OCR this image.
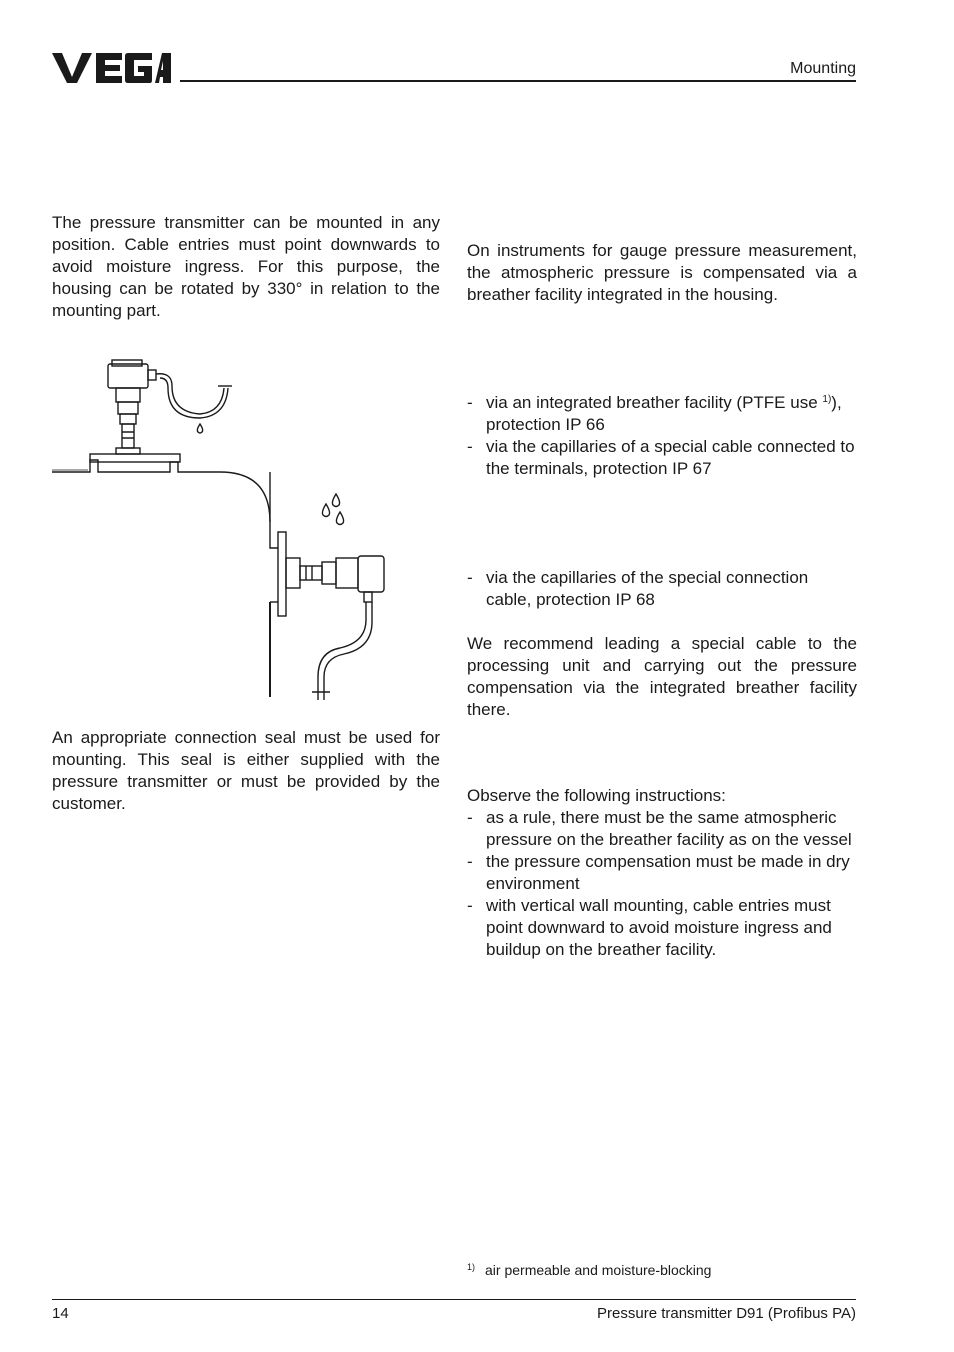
Mounting

The pressure transmitter can be mounted in any position. Cable entries must point downwards to avoid moisture ingress. For this purpose, the housing can be rotated by 330° in relation to the mounting part.

An appropriate connection seal must be used for mounting. This seal is either supplied with the pressure transmitter or must be provided by the customer.

On instruments for gauge pressure measurement, the atmospheric pressure is compensated via a breather facility integrated in the housing.

- via an integrated breather facility (PTFE use $^{1)}$), protection IP 66
- via the capillaries of a special cable connected to the terminals, protection IP 67
- via the capillaries of the special connection cable, protection IP 68

We recommend leading a special cable to the processing unit and carrying out the pressure compensation via the integrated breather facility there.

Observe the following instructions:

- as a rule, there must be the same atmospheric pressure on the breather facility as on the vessel
- the pressure compensation must be made in dry environment
- with vertical wall mounting, cable entries must point downward to avoid moisture ingress and buildup on the breather facility.
$^{1)}$ air permeable and moisture-blocking
14	Pressure transmitter D91 (Profibus PA)
